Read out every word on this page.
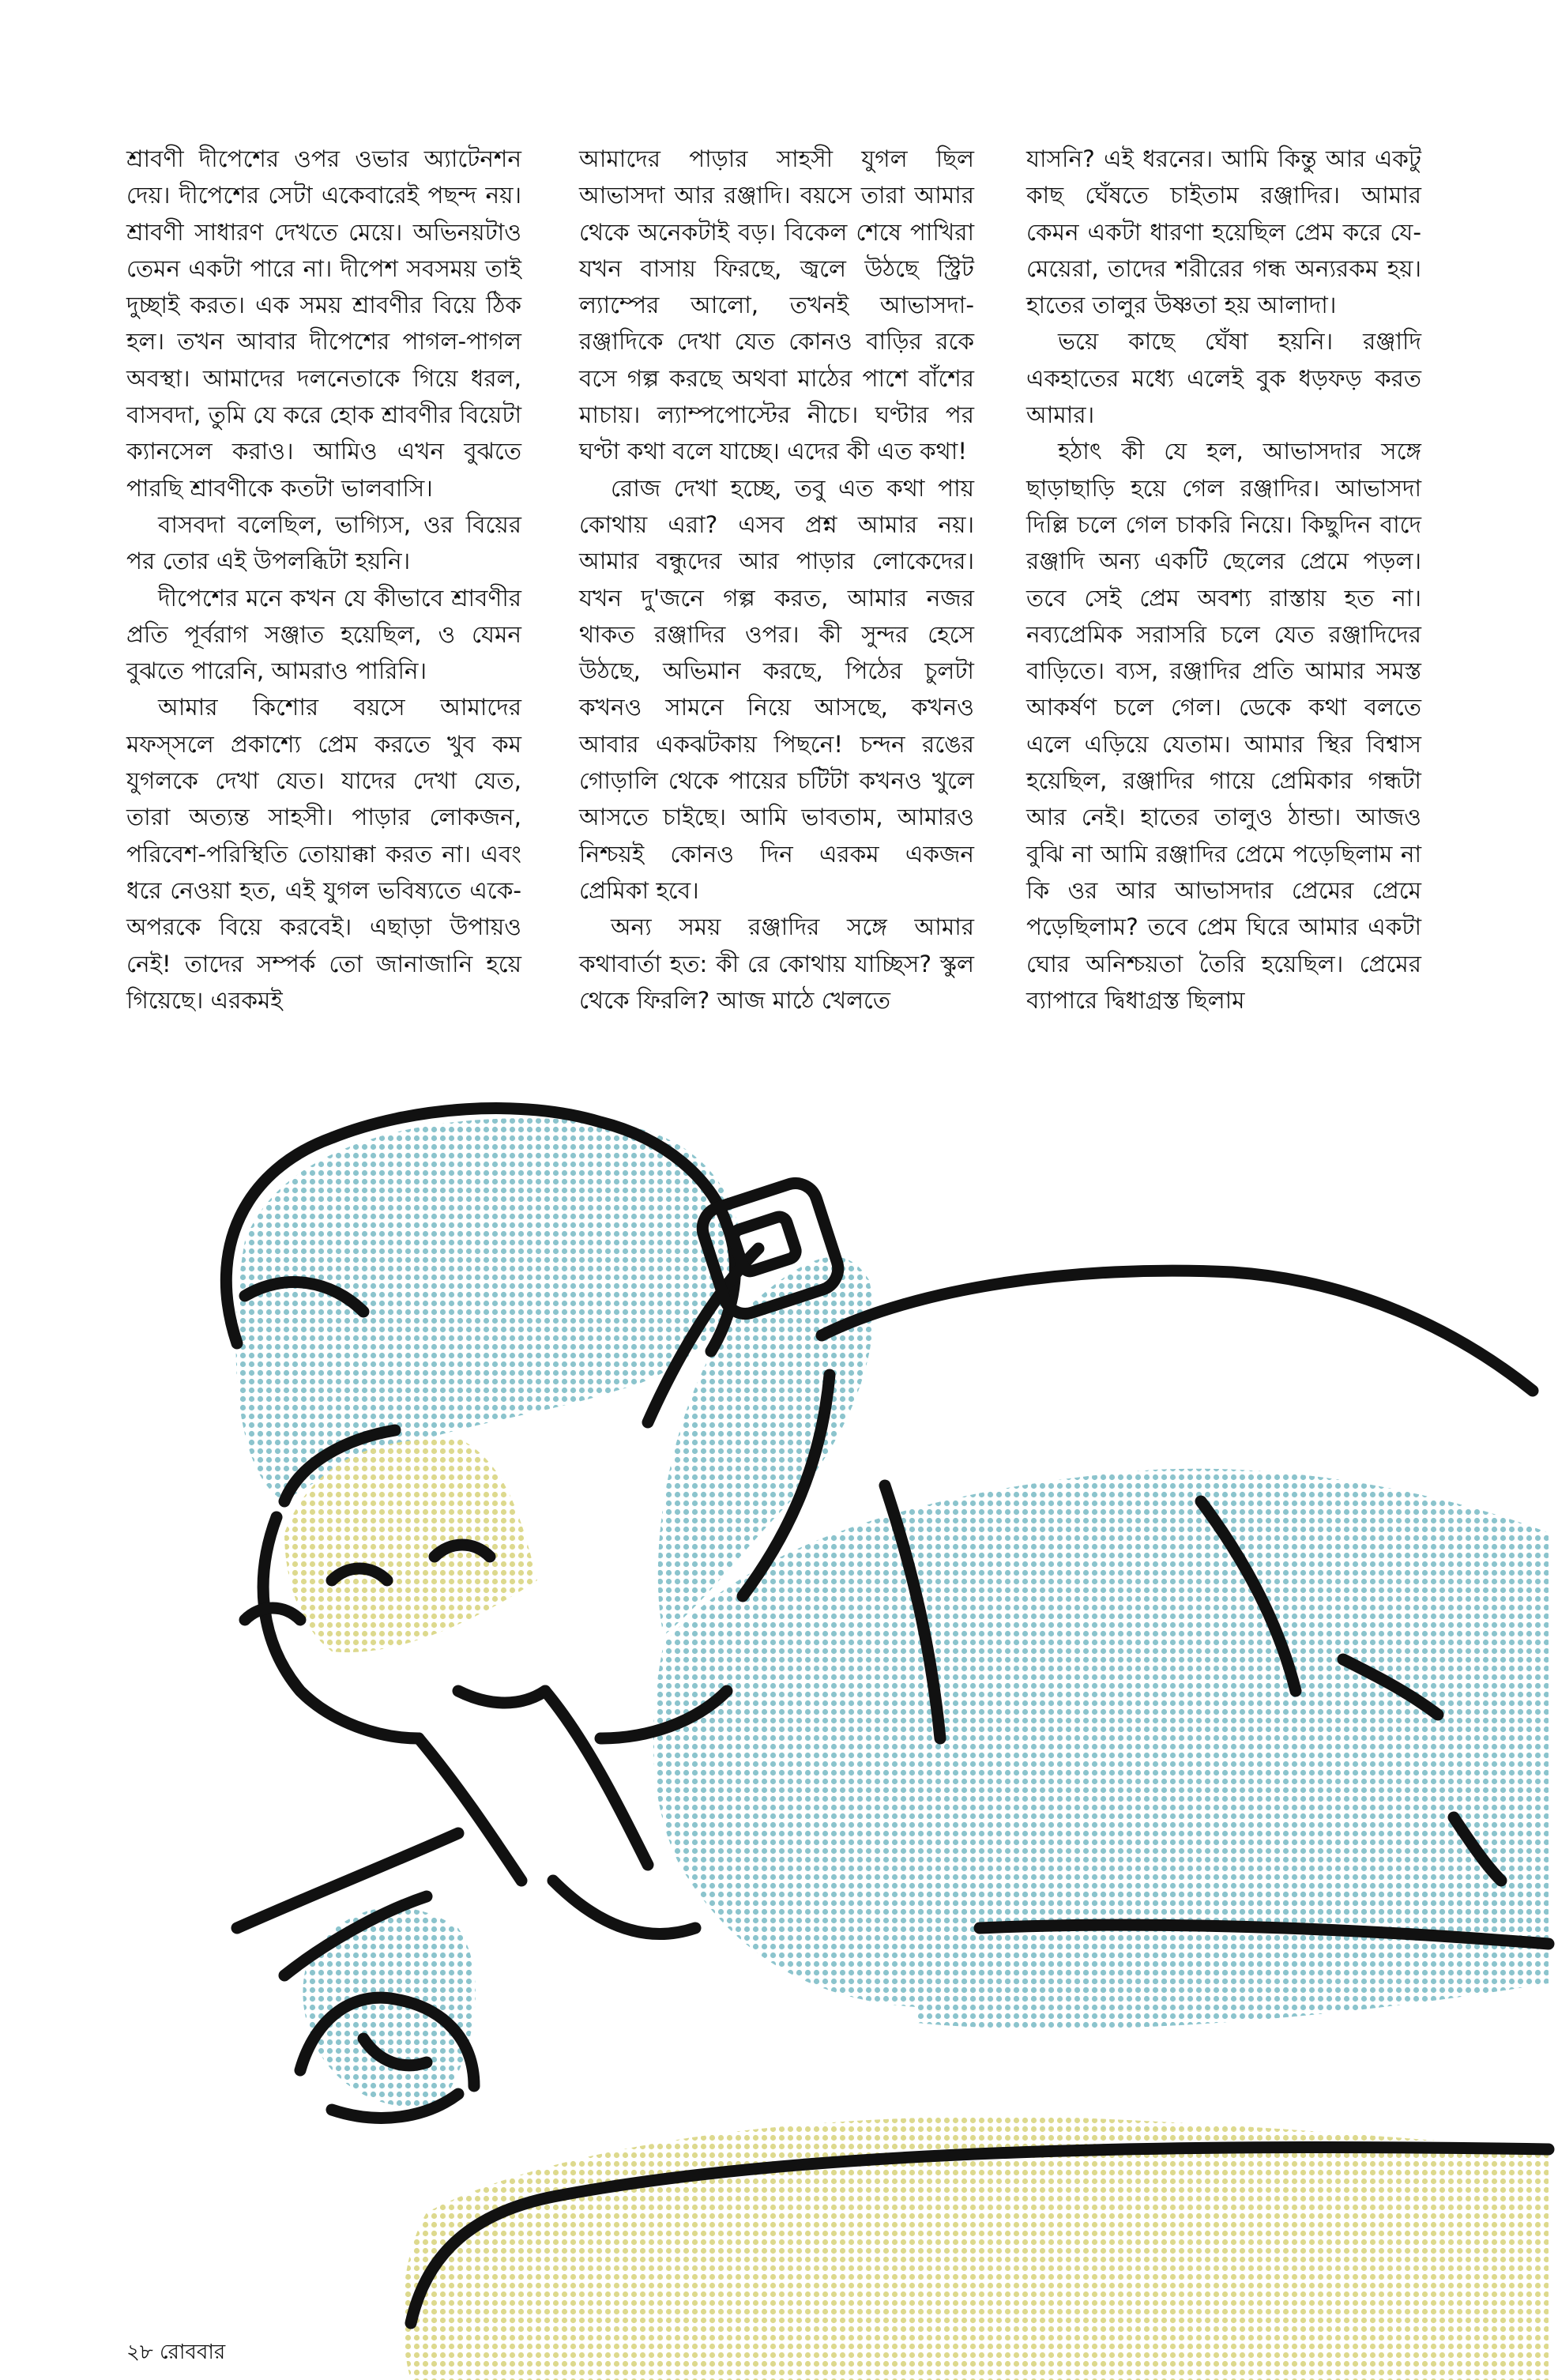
শ্রাবণী দীপেশের ওপর ওভার অ্যাটেনশন দেয়। দীপেশের সেটা একেবারেই পছন্দ নয়। শ্রাবণী সাধারণ দেখতে মেয়ে। অভিনয়টাও তেমন একটা পারে না। দীপেশ সবসময় তাই দুচ্ছাই করত। এক সময় শ্রাবণীর বিয়ে ঠিক হল। তখন আবার দীপেশের পাগল-পাগল অবস্থা। আমাদের দলনেতাকে গিয়ে ধরল, বাসবদা, তুমি যে করে হোক শ্রাবণীর বিয়েটা ক্যানসেল করাও। আমিও এখন বুঝতে পারছি শ্রাবণীকে কতটা ভালবাসি।

বাসবদা বলেছিল, ভাগ্যিস, ওর বিয়ের পর তোর এই উপলব্ধিটা হয়নি।

দীপেশের মনে কখন যে কীভাবে শ্রাবণীর প্রতি পূর্বরাগ সঞ্জাত হয়েছিল, ও যেমন বুঝতে পারেনি, আমরাও পারিনি।

আমার কিশোর বয়সে আমাদের মফস্‌সলে প্রকাশ্যে প্রেম করতে খুব কম যুগলকে দেখা যেত। যাদের দেখা যেত, তারা অত্যন্ত সাহসী। পাড়ার লোকজন, পরিবেশ-পরিস্থিতি তোয়াক্কা করত না। এবং ধরে নেওয়া হত, এই যুগল ভবিষ্যতে একে-অপরকে বিয়ে করবেই। এছাড়া উপায়ও নেই! তাদের সম্পর্ক তো জানাজানি হয়ে গিয়েছে। এরকমই

আমাদের পাড়ার সাহসী যুগল ছিল আভাসদা আর রঞ্জাদি। বয়সে তারা আমার থেকে অনেকটাই বড়। বিকেল শেষে পাখিরা যখন বাসায় ফিরছে, জ্বলে উঠছে স্ট্রিট ল্যাম্পের আলো, তখনই আভাসদা-রঞ্জাদিকে দেখা যেত কোনও বাড়ির রকে বসে গল্প করছে অথবা মাঠের পাশে বাঁশের মাচায়। ল্যাম্পপোস্টের নীচে। ঘণ্টার পর ঘণ্টা কথা বলে যাচ্ছে। এদের কী এত কথা!

রোজ দেখা হচ্ছে, তবু এত কথা পায় কোথায় এরা? এসব প্রশ্ন আমার নয়। আমার বন্ধুদের আর পাড়ার লোকেদের। যখন দু'জনে গল্প করত, আমার নজর থাকত রঞ্জাদির ওপর। কী সুন্দর হেসে উঠছে, অভিমান করছে, পিঠের চুলটা কখনও সামনে নিয়ে আসছে, কখনও আবার একঝটকায় পিছনে! চন্দন রঙের গোড়ালি থেকে পায়ের চটিটা কখনও খুলে আসতে চাইছে। আমি ভাবতাম, আমারও নিশ্চয়ই কোনও দিন এরকম একজন প্রেমিকা হবে।

অন্য সময় রঞ্জাদির সঙ্গে আমার কথাবার্তা হত: কী রে কোথায় যাচ্ছিস? স্কুল থেকে ফিরলি? আজ মাঠে খেলতে

যাসনি? এই ধরনের। আমি কিন্তু আর একটু কাছ ঘেঁষতে চাইতাম রঞ্জাদির। আমার কেমন একটা ধারণা হয়েছিল প্রেম করে যে-মেয়েরা, তাদের শরীরের গন্ধ অন্যরকম হয়। হাতের তালুর উষ্ণতা হয় আলাদা।

ভয়ে কাছে ঘেঁষা হয়নি। রঞ্জাদি একহাতের মধ্যে এলেই বুক ধড়ফড় করত আমার।

হঠাৎ কী যে হল, আভাসদার সঙ্গে ছাড়াছাড়ি হয়ে গেল রঞ্জাদির। আভাসদা দিল্লি চলে গেল চাকরি নিয়ে। কিছুদিন বাদে রঞ্জাদি অন্য একটি ছেলের প্রেমে পড়ল। তবে সেই প্রেম অবশ্য রাস্তায় হত না। নব্যপ্রেমিক সরাসরি চলে যেত রঞ্জাদিদের বাড়িতে। ব্যস, রঞ্জাদির প্রতি আমার সমস্ত আকর্ষণ চলে গেল। ডেকে কথা বলতে এলে এড়িয়ে যেতাম। আমার স্থির বিশ্বাস হয়েছিল, রঞ্জাদির গায়ে প্রেমিকার গন্ধটা আর নেই। হাতের তালুও ঠান্ডা। আজও বুঝি না আমি রঞ্জাদির প্রেমে পড়েছিলাম না কি ওর আর আভাসদার প্রেমের প্রেমে পড়েছিলাম? তবে প্রেম ঘিরে আমার একটা ঘোর অনিশ্চয়তা তৈরি হয়েছিল। প্রেমের ব্যাপারে দ্বিধাগ্রস্ত ছিলাম

২৮ রোববার
